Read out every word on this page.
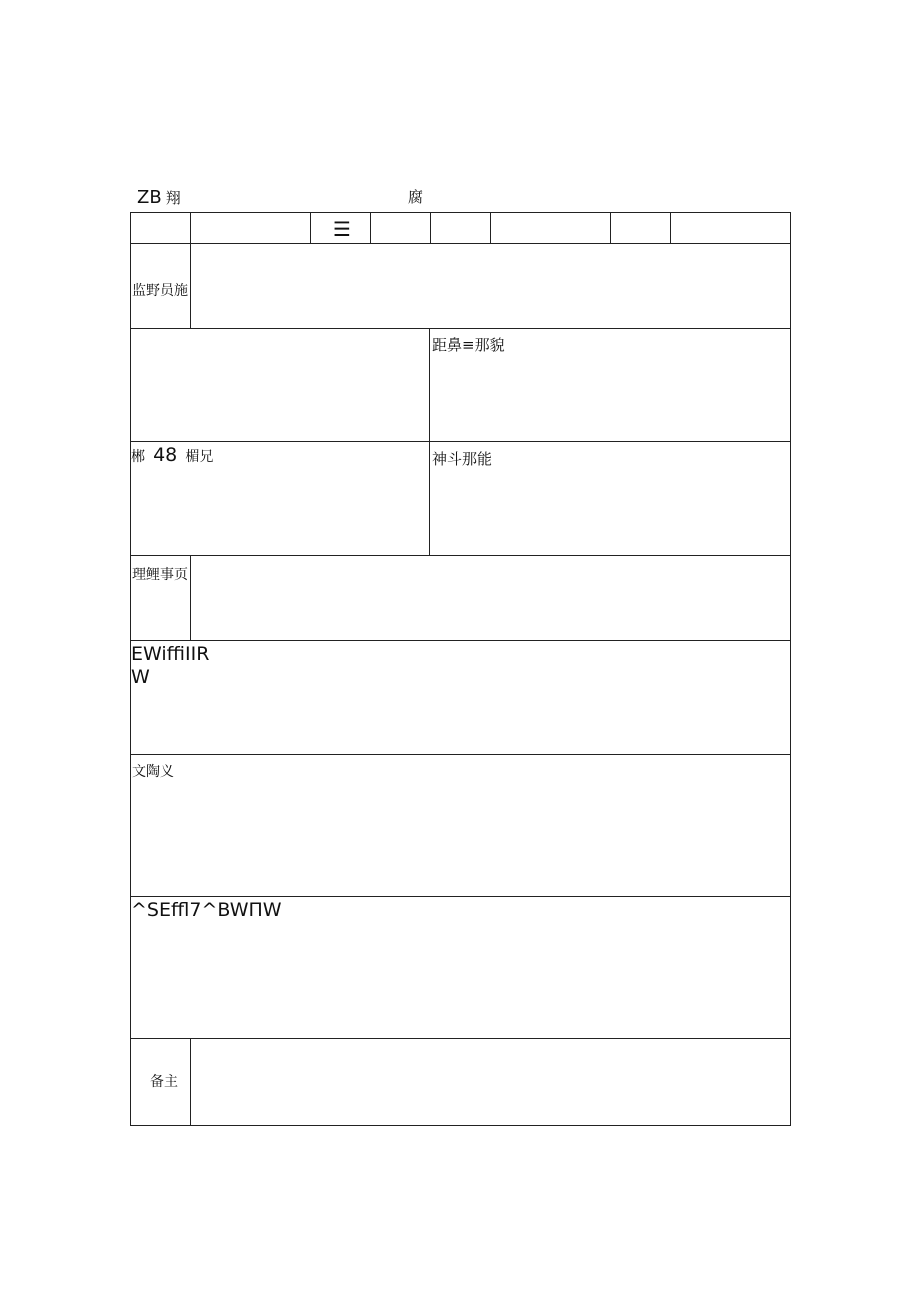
ZB 翔	腐
☰
监野员施
距鼻≡那貌
郴 48 楣兄	神斗那能
理鲤事页
EWiffiIIR
W
文陶义
^SEffl7^BWΠW
备主
